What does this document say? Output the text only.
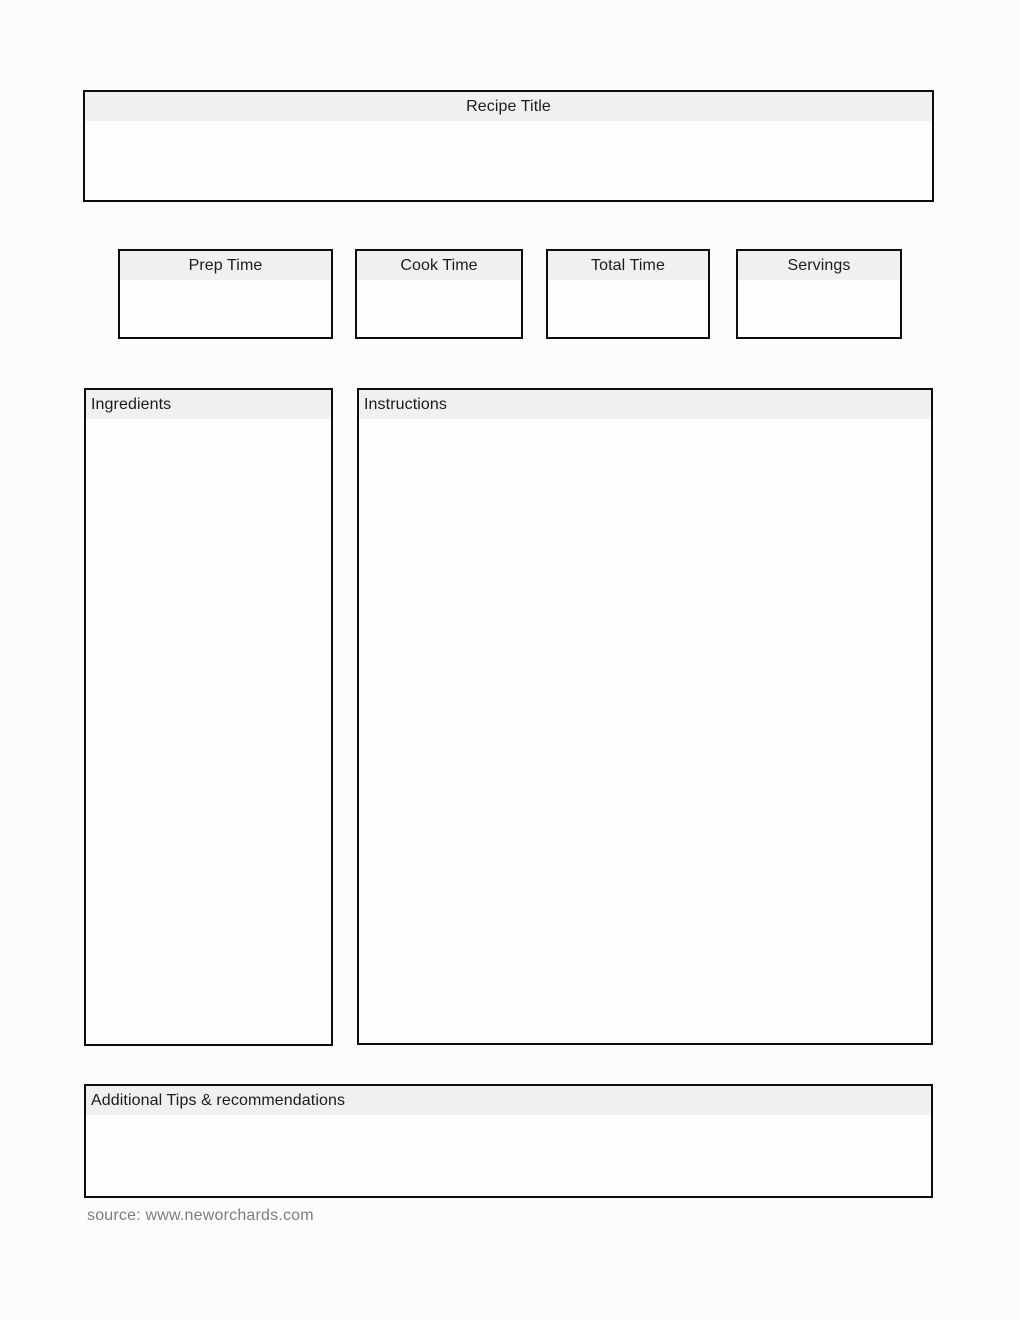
Recipe Title
Prep Time	Cook Time	Total Time	Servings
Ingredients	Instructions
Additional Tips & recommendations
source: www.neworchards.com
